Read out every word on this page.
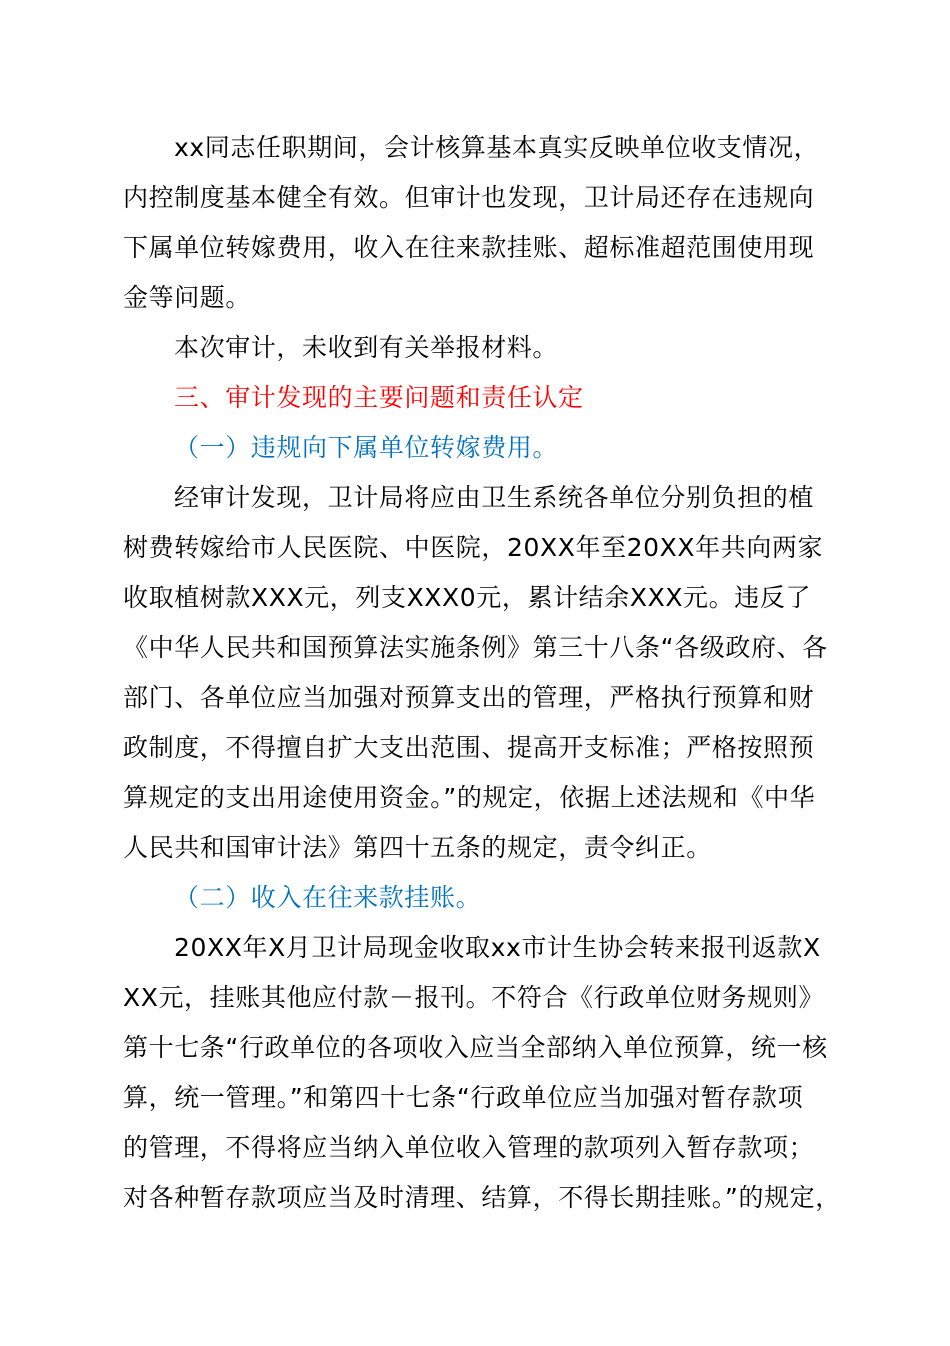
xx同志任职期间，会计核算基本真实反映单位收支情况，
内控制度基本健全有效。但审计也发现，卫计局还存在违规向
下属单位转嫁费用，收入在往来款挂账、超标准超范围使用现
金等问题。
本次审计，未收到有关举报材料。
三、审计发现的主要问题和责任认定
（一）违规向下属单位转嫁费用。
经审计发现，卫计局将应由卫生系统各单位分别负担的植
树费转嫁给市人民医院、中医院，20XX年至20XX年共向两家
收取植树款XXX元，列支XXX0元，累计结余XXX元。违反了
《中华人民共和国预算法实施条例》第三十八条“各级政府、各
部门、各单位应当加强对预算支出的管理，严格执行预算和财
政制度，不得擅自扩大支出范围、提高开支标准；严格按照预
算规定的支出用途使用资金。”的规定，依据上述法规和《中华
人民共和国审计法》第四十五条的规定，责令纠正。
（二）收入在往来款挂账。
20XX年X月卫计局现金收取xx市计生协会转来报刊返款X
XX元，挂账其他应付款－报刊。不符合《行政单位财务规则》
第十七条“行政单位的各项收入应当全部纳入单位预算，统一核
算，统一管理。”和第四十七条“行政单位应当加强对暂存款项
的管理，不得将应当纳入单位收入管理的款项列入暂存款项；
对各种暂存款项应当及时清理、结算，不得长期挂账。”的规定，
